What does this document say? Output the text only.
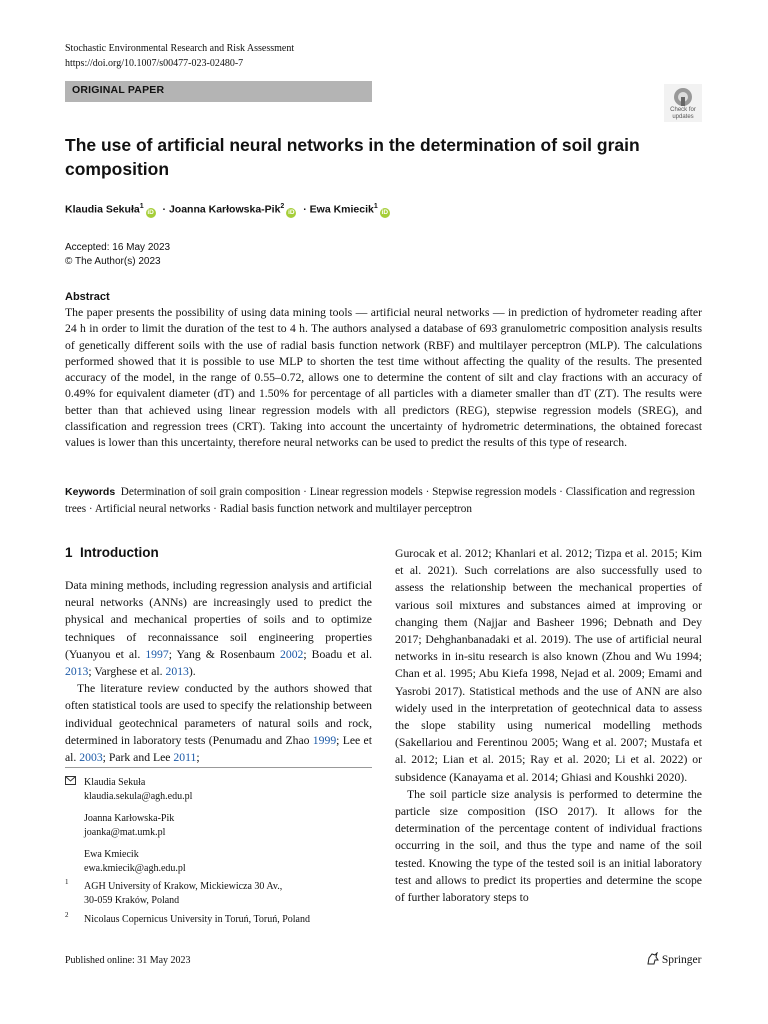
Stochastic Environmental Research and Risk Assessment
https://doi.org/10.1007/s00477-023-02480-7
ORIGINAL PAPER
Check for
updates
The use of artificial neural networks in the determination of soil grain composition
Klaudia Sekuła$^1$iD · Joanna Karłowska-Pik$^2$iD · Ewa Kmiecik$^1$iD
Accepted: 16 May 2023
© The Author(s) 2023
Abstract
The paper presents the possibility of using data mining tools — artificial neural networks — in prediction of hydrometer reading after 24 h in order to limit the duration of the test to 4 h. The authors analysed a database of 693 granulometric composition analysis results of genetically different soils with the use of radial basis function network (RBF) and multilayer perceptron (MLP). The calculations performed showed that it is possible to use MLP to shorten the test time without affecting the quality of the results. The presented accuracy of the model, in the range of 0.55–0.72, allows one to determine the content of silt and clay fractions with an accuracy of 0.49% for equivalent diameter (dT) and 1.50% for percentage of all particles with a diameter smaller than dT (ZT). The results were better than that achieved using linear regression models with all predictors (REG), stepwise regression models (SREG), and classification and regression trees (CRT). Taking into account the uncertainty of hydrometric determinations, the obtained forecast values is lower than this uncertainty, therefore neural networks can be used to predict the results of this type of research.
Keywords Determination of soil grain composition · Linear regression models · Stepwise regression models · Classification and regression trees · Artificial neural networks · Radial basis function network and multilayer perceptron
1 Introduction

Data mining methods, including regression analysis and artificial neural networks (ANNs) are increasingly used to predict the physical and mechanical properties of soils and to optimize techniques of reconnaissance soil engineering properties (Yuanyou et al. 1997; Yang & Rosenbaum 2002; Boadu et al. 2013; Varghese et al. 2013).

The literature review conducted by the authors showed that often statistical tools are used to specify the relationship between individual geotechnical parameters of natural soils and rock, determined in laboratory tests (Penumadu and Zhao 1999; Lee et al. 2003; Park and Lee 2011;

Klaudia Sekuła
klaudia.sekula@agh.edu.pl
Joanna Karłowska-Pik
joanka@mat.umk.pl
Ewa Kmiecik
ewa.kmiecik@agh.edu.pl
1 AGH University of Krakow, Mickiewicza 30 Av.,
30-059 Kraków, Poland
2 Nicolaus Copernicus University in Toruń, Toruń, Poland

Gurocak et al. 2012; Khanlari et al. 2012; Tizpa et al. 2015; Kim et al. 2021). Such correlations are also successfully used to assess the relationship between the mechanical properties of various soil mixtures and substances aimed at improving or changing them (Najjar and Basheer 1996; Debnath and Dey 2017; Dehghanbanadaki et al. 2019). The use of artificial neural networks in in-situ research is also known (Zhou and Wu 1994; Chan et al. 1995; Abu Kiefa 1998, Nejad et al. 2009; Emami and Yasrobi 2017). Statistical methods and the use of ANN are also widely used in the interpretation of geotechnical data to assess the slope stability using numerical modelling methods (Sakellariou and Ferentinou 2005; Wang et al. 2007; Mustafa et al. 2012; Lian et al. 2015; Ray et al. 2020; Li et al. 2022) or subsidence (Kanayama et al. 2014; Ghiasi and Koushki 2020).

The soil particle size analysis is performed to determine the particle size composition (ISO 2017). It allows for the determination of the percentage content of individual fractions occurring in the soil, and thus the type and name of the soil tested. Knowing the type of the tested soil is an initial laboratory test and allows to predict its properties and determine the scope of further laboratory steps to

Published online: 31 May 2023	Springer
